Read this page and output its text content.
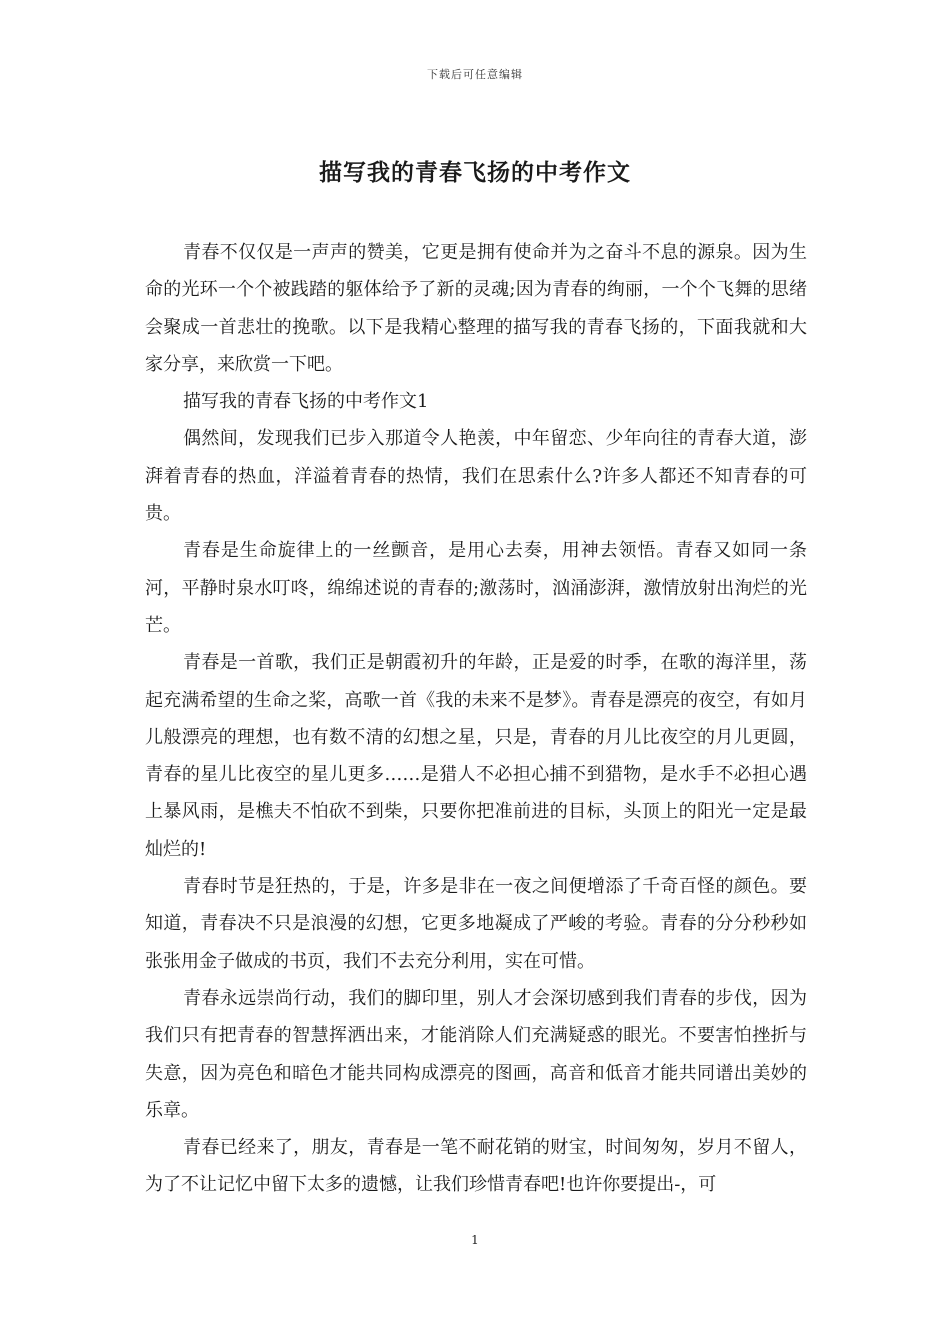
下载后可任意编辑
描写我的青春飞扬的中考作文

青春不仅仅是一声声的赞美，它更是拥有使命并为之奋斗不息的源泉。因为生命的光环一个个被践踏的躯体给予了新的灵魂;因为青春的绚丽，一个个飞舞的思绪会聚成一首悲壮的挽歌。以下是我精心整理的描写我的青春飞扬的，下面我就和大家分享，来欣赏一下吧。

描写我的青春飞扬的中考作文1

偶然间，发现我们已步入那道令人艳羡，中年留恋、少年向往的青春大道，澎湃着青春的热血，洋溢着青春的热情，我们在思索什么?许多人都还不知青春的可贵。

青春是生命旋律上的一丝颤音，是用心去奏，用神去领悟。青春又如同一条河，平静时泉水叮咚，绵绵述说的青春的;激荡时，汹涌澎湃，激情放射出洵烂的光芒。

青春是一首歌，我们正是朝霞初升的年龄，正是爱的时季，在歌的海洋里，荡起充满希望的生命之桨，高歌一首《我的未来不是梦》。青春是漂亮的夜空，有如月儿般漂亮的理想，也有数不清的幻想之星，只是，青春的月儿比夜空的月儿更圆，青春的星儿比夜空的星儿更多……是猎人不必担心捕不到猎物，是水手不必担心遇上暴风雨，是樵夫不怕砍不到柴，只要你把准前进的目标，头顶上的阳光一定是最灿烂的!

青春时节是狂热的，于是，许多是非在一夜之间便增添了千奇百怪的颜色。要知道，青春决不只是浪漫的幻想，它更多地凝成了严峻的考验。青春的分分秒秒如张张用金子做成的书页，我们不去充分利用，实在可惜。

青春永远崇尚行动，我们的脚印里，别人才会深切感到我们青春的步伐，因为我们只有把青春的智慧挥洒出来，才能消除人们充满疑惑的眼光。不要害怕挫折与失意，因为亮色和暗色才能共同构成漂亮的图画，高音和低音才能共同谱出美妙的乐章。

青春已经来了，朋友，青春是一笔不耐花销的财宝，时间匆匆，岁月不留人，为了不让记忆中留下太多的遗憾，让我们珍惜青春吧!也许你要提出-，可

1
